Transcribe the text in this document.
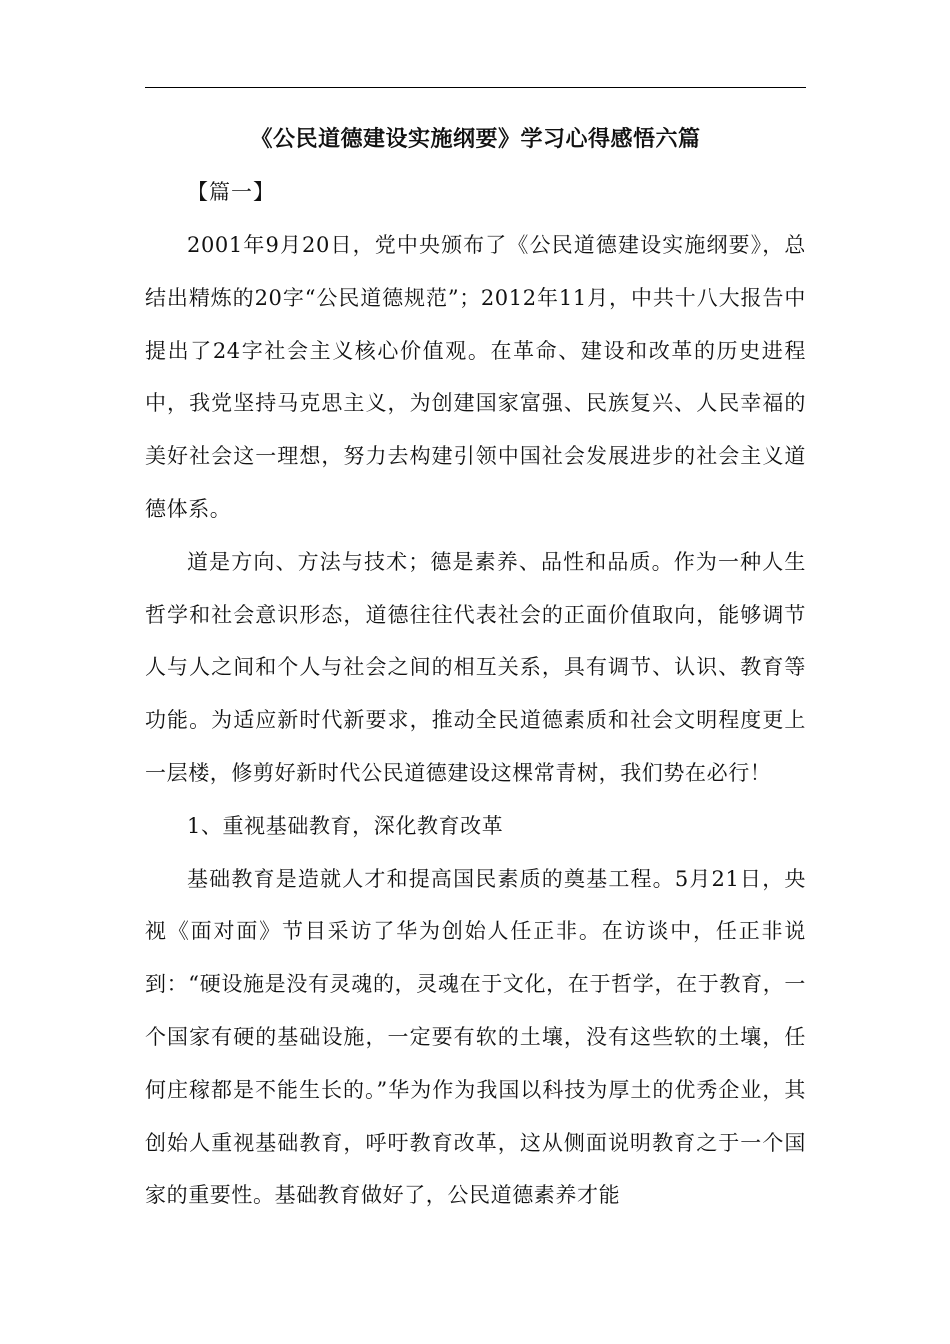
《公民道德建设实施纲要》学习心得感悟六篇

【篇一】

2001年9月20日，党中央颁布了《公民道德建设实施纲要》，总结出精炼的20字“公民道德规范”；2012年11月，中共十八大报告中提出了24字社会主义核心价值观。在革命、建设和改革的历史进程中，我党坚持马克思主义，为创建国家富强、民族复兴、人民幸福的美好社会这一理想，努力去构建引领中国社会发展进步的社会主义道德体系。

道是方向、方法与技术；德是素养、品性和品质。作为一种人生哲学和社会意识形态，道德往往代表社会的正面价值取向，能够调节人与人之间和个人与社会之间的相互关系，具有调节、认识、教育等功能。为适应新时代新要求，推动全民道德素质和社会文明程度更上一层楼，修剪好新时代公民道德建设这棵常青树，我们势在必行！

1、重视基础教育，深化教育改革

基础教育是造就人才和提高国民素质的奠基工程。5月21日，央视《面对面》节目采访了华为创始人任正非。在访谈中，任正非说到：“硬设施是没有灵魂的，灵魂在于文化，在于哲学，在于教育，一个国家有硬的基础设施，一定要有软的土壤，没有这些软的土壤，任何庄稼都是不能生长的。”华为作为我国以科技为厚土的优秀企业，其创始人重视基础教育，呼吁教育改革，这从侧面说明教育之于一个国家的重要性。基础教育做好了，公民道德素养才能
